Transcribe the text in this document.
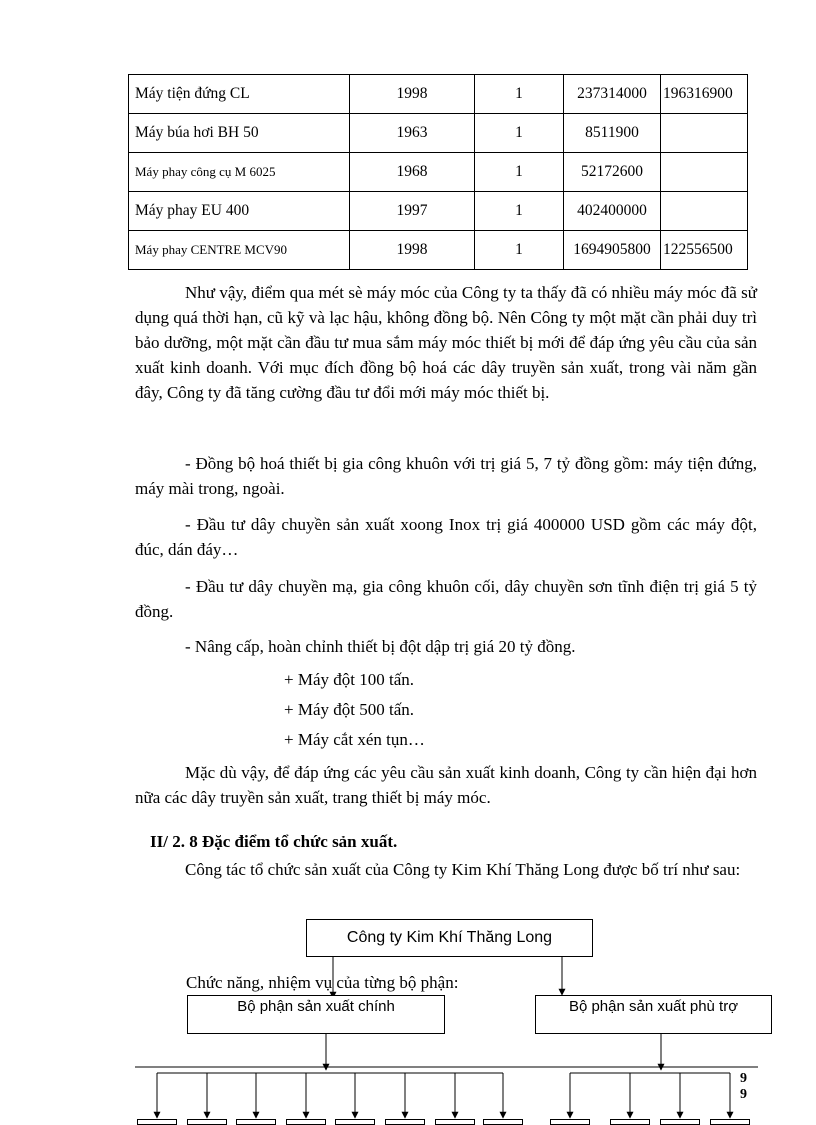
Máy tiện đứng CL	1998	1	237314000	196316900
Máy búa hơi BH 50	1963	1	8511900	
Máy phay công cụ M 6025	1968	1	52172600	
Máy phay EU 400	1997	1	402400000	
Máy phay CENTRE MCV90	1998	1	1694905800	122556500

Như vậy, điểm qua mét sè máy móc của Công ty ta thấy đã có nhiều máy móc đã sử dụng quá thời hạn, cũ kỹ và lạc hậu, không đồng bộ. Nên Công ty một mặt cần phải duy trì bảo dưỡng, một mặt cần đầu tư mua sắm máy móc thiết bị mới để đáp ứng yêu cầu của sản xuất kinh doanh. Với mục đích đồng bộ hoá các dây truyền sản xuất, trong vài năm gần đây, Công ty đã tăng cường đầu tư đổi mới máy móc thiết bị.

- Đồng bộ hoá thiết bị gia công khuôn với trị giá 5, 7 tỷ đồng gồm: máy tiện đứng, máy mài trong, ngoài.

- Đầu tư dây chuyền sản xuất xoong Inox trị giá 400000 USD gồm các máy đột, đúc, dán đáy…

- Đầu tư dây chuyền mạ, gia công khuôn cối, dây chuyền sơn tĩnh điện trị giá 5 tỷ đồng.

- Nâng cấp, hoàn chỉnh thiết bị đột dập trị giá 20 tỷ đồng.

+ Máy đột 100 tấn.

+ Máy đột 500 tấn.

+ Máy cắt xén tụn…

Mặc dù vậy, để đáp ứng các yêu cầu sản xuất kinh doanh, Công ty cần hiện đại hơn nữa các dây truyền sản xuất, trang thiết bị máy móc.

II/ 2. 8 Đặc điểm tổ chức sản xuất.

Công tác tổ chức sản xuất của Công ty Kim Khí Thăng Long được bố trí như sau:

Công ty Kim Khí Thăng Long
Bộ phận sản xuất chính	Bộ phận sản xuất phù trợ

Chức năng, nhiệm vụ của từng bộ phận:

9

9
